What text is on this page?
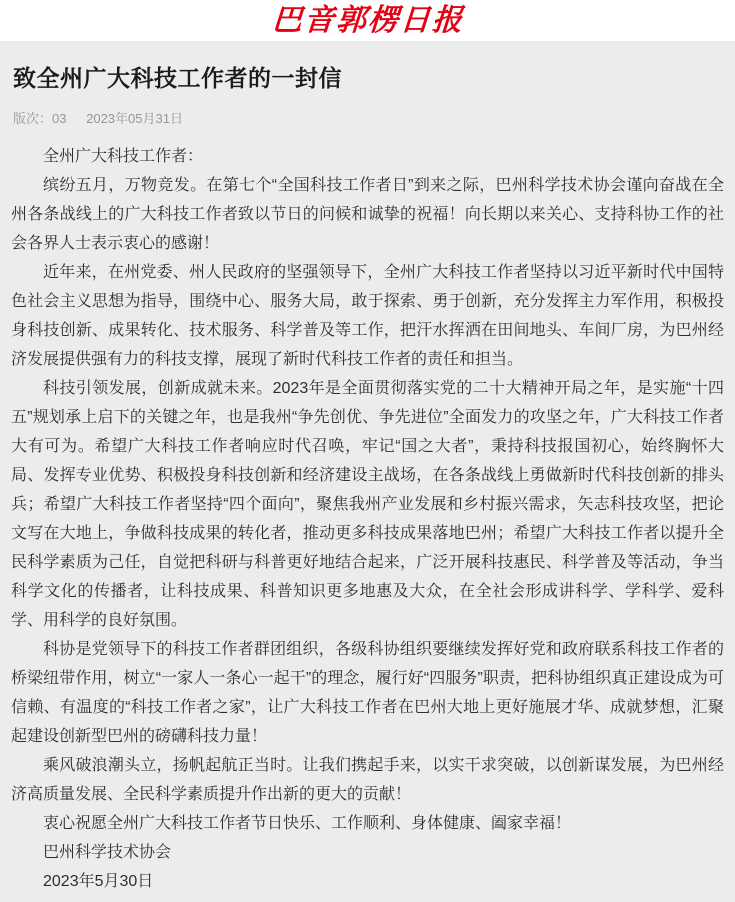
巴音郭楞日报
致全州广大科技工作者的一封信
版次：03 2023年05月31日

全州广大科技工作者：

缤纷五月，万物竞发。在第七个“全国科技工作者日”到来之际，巴州科学技术协会谨向奋战在全州各条战线上的广大科技工作者致以节日的问候和诚挚的祝福！向长期以来关心、支持科协工作的社会各界人士表示衷心的感谢！

近年来，在州党委、州人民政府的坚强领导下，全州广大科技工作者坚持以习近平新时代中国特色社会主义思想为指导，围绕中心、服务大局，敢于探索、勇于创新，充分发挥主力军作用，积极投身科技创新、成果转化、技术服务、科学普及等工作，把汗水挥洒在田间地头、车间厂房，为巴州经济发展提供强有力的科技支撑，展现了新时代科技工作者的责任和担当。

科技引领发展，创新成就未来。2023年是全面贯彻落实党的二十大精神开局之年，是实施“十四五”规划承上启下的关键之年，也是我州“争先创优、争先进位”全面发力的攻坚之年，广大科技工作者大有可为。希望广大科技工作者响应时代召唤，牢记“国之大者”，秉持科技报国初心，始终胸怀大局、发挥专业优势、积极投身科技创新和经济建设主战场，在各条战线上勇做新时代科技创新的排头兵；希望广大科技工作者坚持“四个面向”，聚焦我州产业发展和乡村振兴需求，矢志科技攻坚，把论文写在大地上，争做科技成果的转化者，推动更多科技成果落地巴州；希望广大科技工作者以提升全民科学素质为己任，自觉把科研与科普更好地结合起来，广泛开展科技惠民、科学普及等活动，争当科学文化的传播者，让科技成果、科普知识更多地惠及大众，在全社会形成讲科学、学科学、爱科学、用科学的良好氛围。

科协是党领导下的科技工作者群团组织，各级科协组织要继续发挥好党和政府联系科技工作者的桥梁纽带作用，树立“一家人一条心一起干”的理念，履行好“四服务”职责，把科协组织真正建设成为可信赖、有温度的“科技工作者之家”，让广大科技工作者在巴州大地上更好施展才华、成就梦想，汇聚起建设创新型巴州的磅礴科技力量！

乘风破浪潮头立，扬帆起航正当时。让我们携起手来，以实干求突破，以创新谋发展，为巴州经济高质量发展、全民科学素质提升作出新的更大的贡献！

衷心祝愿全州广大科技工作者节日快乐、工作顺利、身体健康、阖家幸福！

巴州科学技术协会

2023年5月30日
